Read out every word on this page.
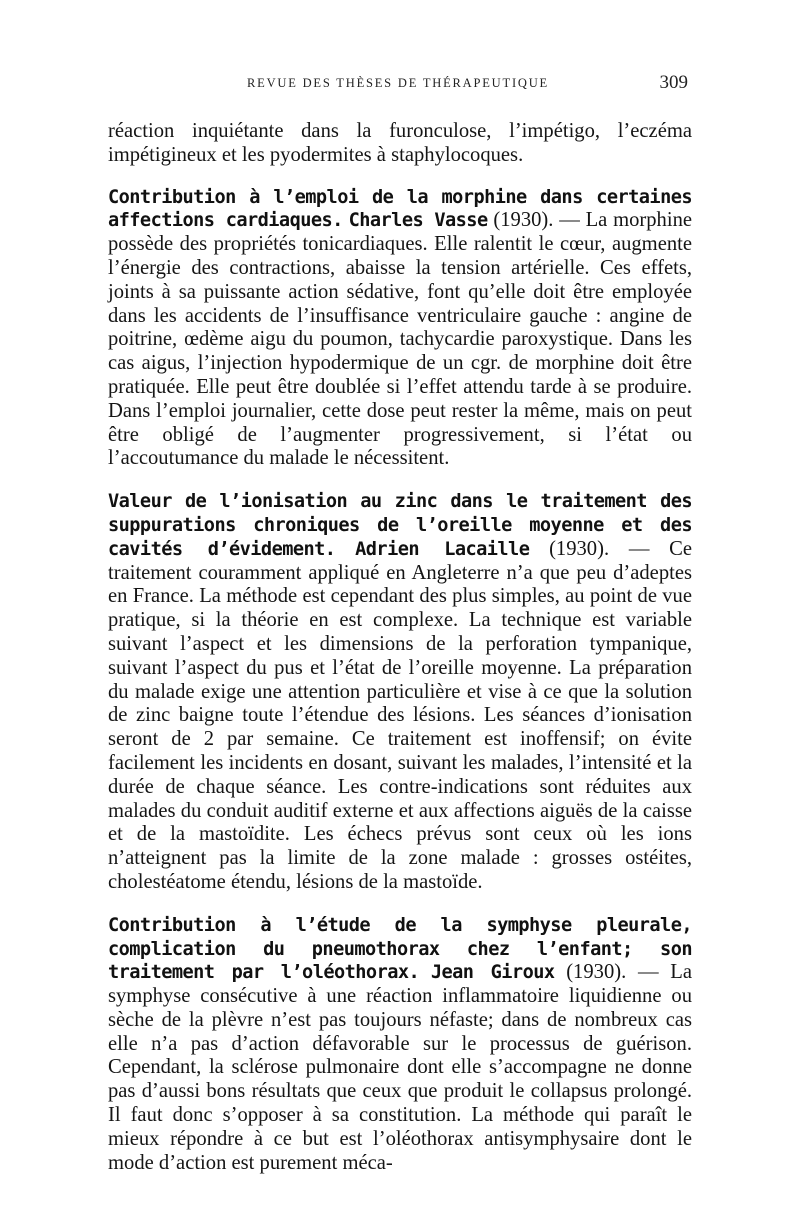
REVUE DES THÈSES DE THÉRAPEUTIQUE	309

réaction inquiétante dans la furonculose, l’impétigo, l’eczéma impétigineux et les pyodermites à staphylocoques.

Contribution à l’emploi de la morphine dans certaines affections cardiaques. Charles Vasse (1930). — La morphine possède des propriétés tonicardiaques. Elle ralentit le cœur, augmente l’énergie des contractions, abaisse la tension artérielle. Ces effets, joints à sa puissante action sédative, font qu’elle doit être employée dans les accidents de l’insuffisance ventriculaire gauche : angine de poitrine, œdème aigu du poumon, tachycardie paroxystique. Dans les cas aigus, l’injection hypodermique de un cgr. de morphine doit être pratiquée. Elle peut être doublée si l’effet attendu tarde à se produire. Dans l’emploi journalier, cette dose peut rester la même, mais on peut être obligé de l’augmenter progressivement, si l’état ou l’accoutumance du malade le nécessitent.

Valeur de l’ionisation au zinc dans le traitement des suppurations chroniques de l’oreille moyenne et des cavités d’évidement. Adrien Lacaille (1930). — Ce traitement couramment appliqué en Angleterre n’a que peu d’adeptes en France. La méthode est cependant des plus simples, au point de vue pratique, si la théorie en est complexe. La technique est variable suivant l’aspect et les dimensions de la perforation tympanique, suivant l’aspect du pus et l’état de l’oreille moyenne. La préparation du malade exige une attention particulière et vise à ce que la solution de zinc baigne toute l’étendue des lésions. Les séances d’ionisation seront de 2 par semaine. Ce traitement est inoffensif; on évite facilement les incidents en dosant, suivant les malades, l’intensité et la durée de chaque séance. Les contre-indications sont réduites aux malades du conduit auditif externe et aux affections aiguës de la caisse et de la mastoïdite. Les échecs prévus sont ceux où les ions n’atteignent pas la limite de la zone malade : grosses ostéites, cholestéatome étendu, lésions de la mastoïde.

Contribution à l’étude de la symphyse pleurale, complication du pneumothorax chez l’enfant; son traitement par l’oléothorax. Jean Giroux (1930). — La symphyse consécutive à une réaction inflammatoire liquidienne ou sèche de la plèvre n’est pas toujours néfaste; dans de nombreux cas elle n’a pas d’action défavorable sur le processus de guérison. Cependant, la sclérose pulmonaire dont elle s’accompagne ne donne pas d’aussi bons résultats que ceux que produit le collapsus prolongé. Il faut donc s’opposer à sa constitution. La méthode qui paraît le mieux répondre à ce but est l’oléothorax antisymphysaire dont le mode d’action est purement méca-
